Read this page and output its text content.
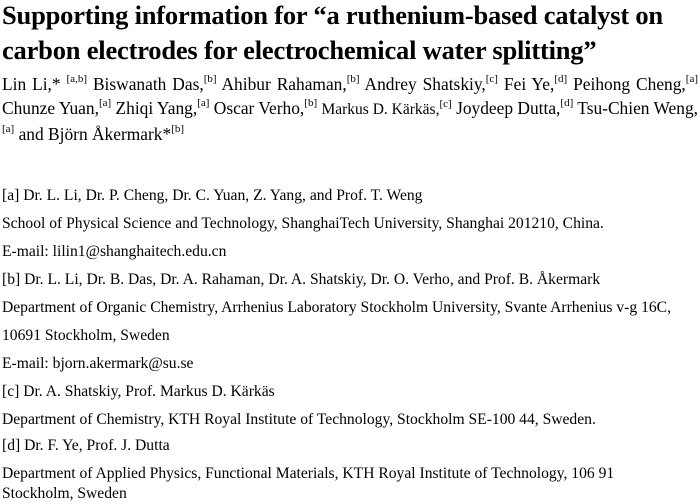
Supporting information for “a ruthenium-based catalyst on
carbon electrodes for electrochemical water splitting”
Lin Li,* [a,b] Biswanath Das,[b] Ahibur Rahaman,[b] Andrey Shatskiy,[c] Fei Ye,[d] Peihong Cheng,[a] Chunze Yuan,[a] Zhiqi Yang,[a] Oscar Verho,[b] Markus D. Kärkäs,[c] Joydeep Dutta,[d] Tsu-Chien Weng,[a] and Björn Åkermark*[b]
[a] Dr. L. Li, Dr. P. Cheng, Dr. C. Yuan, Z. Yang, and Prof. T. Weng
School of Physical Science and Technology, ShanghaiTech University, Shanghai 201210, China.
E-mail: lilin1@shanghaitech.edu.cn
[b] Dr. L. Li, Dr. B. Das, Dr. A. Rahaman, Dr. A. Shatskiy, Dr. O. Verho, and Prof. B. Åkermark
Department of Organic Chemistry, Arrhenius Laboratory Stockholm University, Svante Arrhenius v-g 16C,
10691 Stockholm, Sweden
E-mail: bjorn.akermark@su.se
[c] Dr. A. Shatskiy, Prof. Markus D. Kärkäs
Department of Chemistry, KTH Royal Institute of Technology, Stockholm SE-100 44, Sweden.
[d] Dr. F. Ye, Prof. J. Dutta
Department of Applied Physics, Functional Materials, KTH Royal Institute of Technology, 106 91
Stockholm, Sweden
